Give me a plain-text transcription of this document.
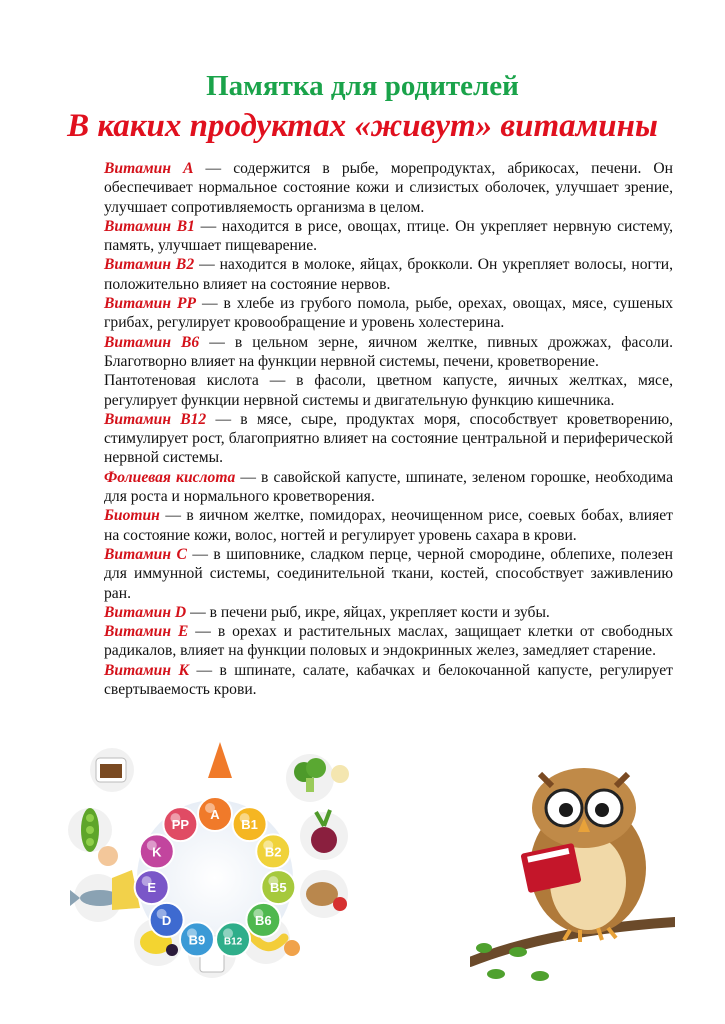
Памятка для родителей
В каких продуктах «живут» витамины

Витамин А — содержится в рыбе, морепродуктах, абрикосах, печени. Он обеспечивает нормальное состояние кожи и слизистых оболочек, улучшает зрение, улучшает сопротивляемость организма в целом.

Витамин В1 — находится в рисе, овощах, птице. Он укрепляет нервную систему, память, улучшает пищеварение.

Витамин В2 — находится в молоке, яйцах, брокколи. Он укрепляет волосы, ногти, положительно влияет на состояние нервов.

Витамин РР — в хлебе из грубого помола, рыбе, орехах, овощах, мясе, сушеных грибах, регулирует кровообращение и уровень холестерина.

Витамин В6 — в цельном зерне, яичном желтке, пивных дрожжах, фасоли. Благотворно влияет на функции нервной системы, печени, кроветворение.

Пантотеновая кислота — в фасоли, цветном капусте, яичных желтках, мясе, регулирует функции нервной системы и двигательную функцию кишечника.

Витамин В12 — в мясе, сыре, продуктах моря, способствует кроветворению, стимулирует рост, благоприятно влияет на состояние центральной и периферической нервной системы.

Фолиевая кислота — в савойской капусте, шпинате, зеленом горошке, необходима для роста и нормального кроветворения.

Биотин — в яичном желтке, помидорах, неочищенном рисе, соевых бобах, влияет на состояние кожи, волос, ногтей и регулирует уровень сахара в крови.

Витамин С — в шиповнике, сладком перце, черной смородине, облепихе, полезен для иммунной системы, соединительной ткани, костей, способствует заживлению ран.

Витамин D — в печени рыб, икре, яйцах, укрепляет кости и зубы.

Витамин Е — в орехах и растительных маслах, защищает клетки от свободных радикалов, влияет на функции половых и эндокринных желез, замедляет старение.

Витамин К — в шпинате, салате, кабачках и белокочанной капусте, регулирует свертываемость крови.

A
B1
B2
B5
B6
B12
B9
D
E
K
PP
